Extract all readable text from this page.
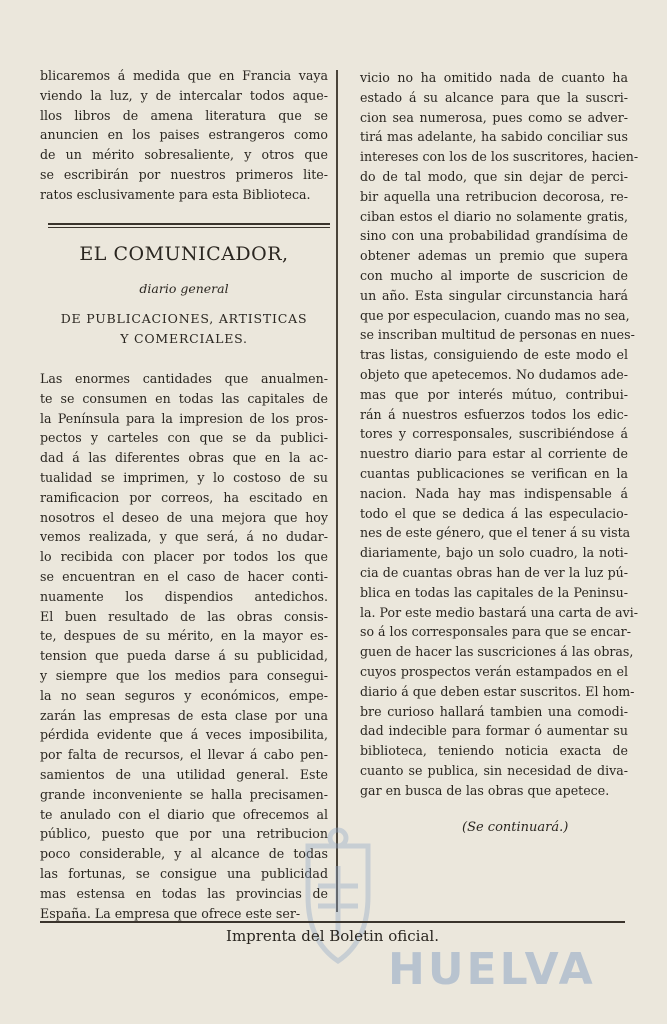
blicaremos á medida que en Francia vaya
viendo la luz, y de intercalar todos aque-
llos libros de amena literatura que se
anuncien en los paises estrangeros como
de un mérito sobresaliente, y otros que
se escribirán por nuestros primeros lite-
ratos esclusivamente para esta Biblioteca.
EL COMUNICADOR,
diario general
DE PUBLICACIONES, ARTISTICAS
Y COMERCIALES.
Las enormes cantidades que anualmen-
te se consumen en todas las capitales de
la Península para la impresion de los pros-
pectos y carteles con que se da publici-
dad á las diferentes obras que en la ac-
tualidad se imprimen, y lo costoso de su
ramificacion por correos, ha escitado en
nosotros el deseo de una mejora que hoy
vemos realizada, y que será, á no dudar-
lo recibida con placer por todos los que
se encuentran en el caso de hacer conti-
nuamente los dispendios antedichos.
El buen resultado de las obras consis-
te, despues de su mérito, en la mayor es-
tension que pueda darse á su publicidad,
y siempre que los medios para consegui-
la no sean seguros y económicos, empe-
zarán las empresas de esta clase por una
pérdida evidente que á veces imposibilita,
por falta de recursos, el llevar á cabo pen-
samientos de una utilidad general. Este
grande inconveniente se halla precisamen-
te anulado con el diario que ofrecemos al
público, puesto que por una retribucion
poco considerable, y al alcance de todas
las fortunas, se consigue una publicidad
mas estensa en todas las provincias de
España. La empresa que ofrece este ser-
vicio no ha omitido nada de cuanto ha
estado á su alcance para que la suscri-
cion sea numerosa, pues como se adver-
tirá mas adelante, ha sabido conciliar sus
intereses con los de los suscritores, hacien-
do de tal modo, que sin dejar de perci-
bir aquella una retribucion decorosa, re-
ciban estos el diario no solamente gratis,
sino con una probabilidad grandísima de
obtener ademas un premio que supera
con mucho al importe de suscricion de
un año. Esta singular circunstancia hará
que por especulacion, cuando mas no sea,
se inscriban multitud de personas en nues-
tras listas, consiguiendo de este modo el
objeto que apetecemos. No dudamos ade-
mas que por interés mútuo, contribui-
rán á nuestros esfuerzos todos los edic-
tores y corresponsales, suscribiéndose á
nuestro diario para estar al corriente de
cuantas publicaciones se verifican en la
nacion. Nada hay mas indispensable á
todo el que se dedica á las especulacio-
nes de este género, que el tener á su vista
diariamente, bajo un solo cuadro, la noti-
cia de cuantas obras han de ver la luz pú-
blica en todas las capitales de la Peninsu-
la. Por este medio bastará una carta de avi-
so á los corresponsales para que se encar-
guen de hacer las suscriciones á las obras,
cuyos prospectos verán estampados en el
diario á que deben estar suscritos. El hom-
bre curioso hallará tambien una comodi-
dad indecible para formar ó aumentar su
biblioteca, teniendo noticia exacta de
cuanto se publica, sin necesidad de diva-
gar en busca de las obras que apetece.
(Se continuará.)
HUELVA
Imprenta del Boletin oficial.
